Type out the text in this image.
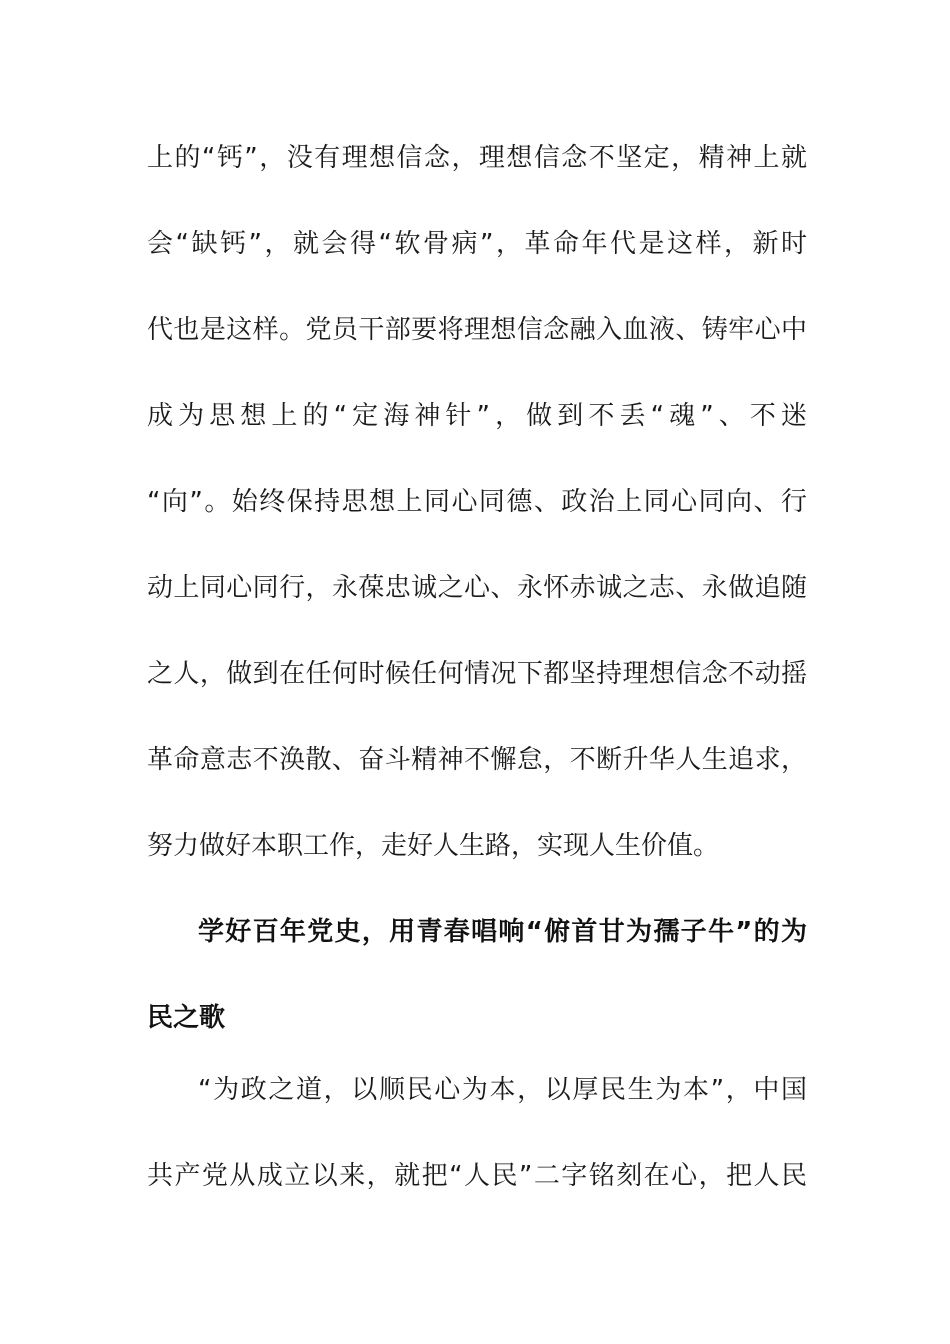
上的“钙”，没有理想信念，理想信念不坚定，精神上就
会“缺钙”，就会得“软骨病”，革命年代是这样，新时
代也是这样。党员干部要将理想信念融入血液、铸牢心中
成为思想上的“定海神针”，做到不丢“魂”、不迷
“向”。始终保持思想上同心同德、政治上同心同向、行
动上同心同行，永葆忠诚之心、永怀赤诚之志、永做追随
之人，做到在任何时候任何情况下都坚持理想信念不动摇
革命意志不涣散、奋斗精神不懈怠，不断升华人生追求，
努力做好本职工作，走好人生路，实现人生价值。
学好百年党史，用青春唱响“俯首甘为孺子牛”的为
民之歌
“为政之道，以顺民心为本，以厚民生为本”，中国
共产党从成立以来，就把“人民”二字铭刻在心，把人民
